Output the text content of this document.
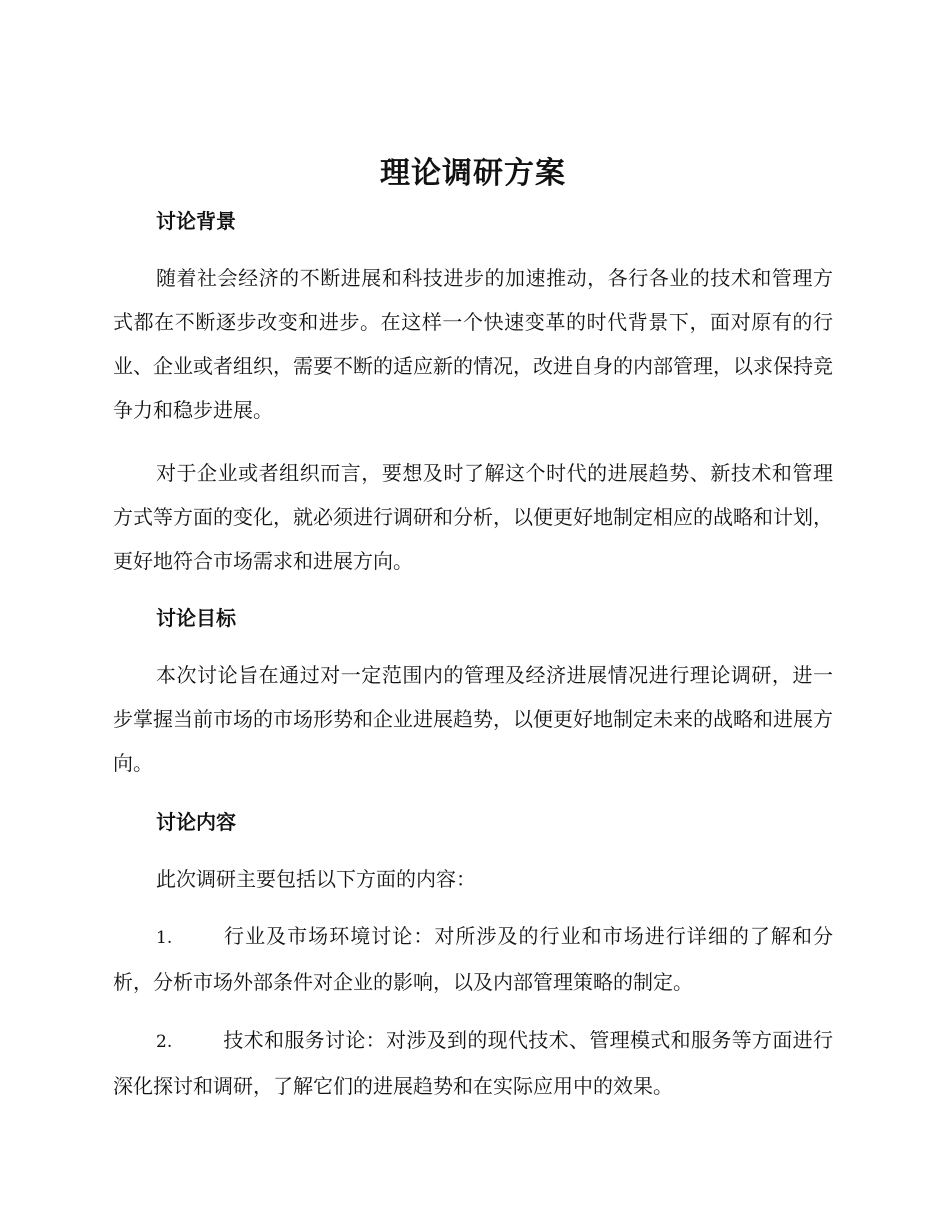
理论调研方案
讨论背景

随着社会经济的不断进展和科技进步的加速推动，各行各业的技术和管理方式都在不断逐步改变和进步。在这样一个快速变革的时代背景下，面对原有的行业、企业或者组织，需要不断的适应新的情况，改进自身的内部管理，以求保持竞争力和稳步进展。

对于企业或者组织而言，要想及时了解这个时代的进展趋势、新技术和管理方式等方面的变化，就必须进行调研和分析，以便更好地制定相应的战略和计划，更好地符合市场需求和进展方向。

讨论目标

本次讨论旨在通过对一定范围内的管理及经济进展情况进行理论调研，进一步掌握当前市场的市场形势和企业进展趋势，以便更好地制定未来的战略和进展方向。

讨论内容

此次调研主要包括以下方面的内容：

1.	行业及市场环境讨论：对所涉及的行业和市场进行详细的了解和分析，分析市场外部条件对企业的影响，以及内部管理策略的制定。

2.	技术和服务讨论：对涉及到的现代技术、管理模式和服务等方面进行深化探讨和调研，了解它们的进展趋势和在实际应用中的效果。
